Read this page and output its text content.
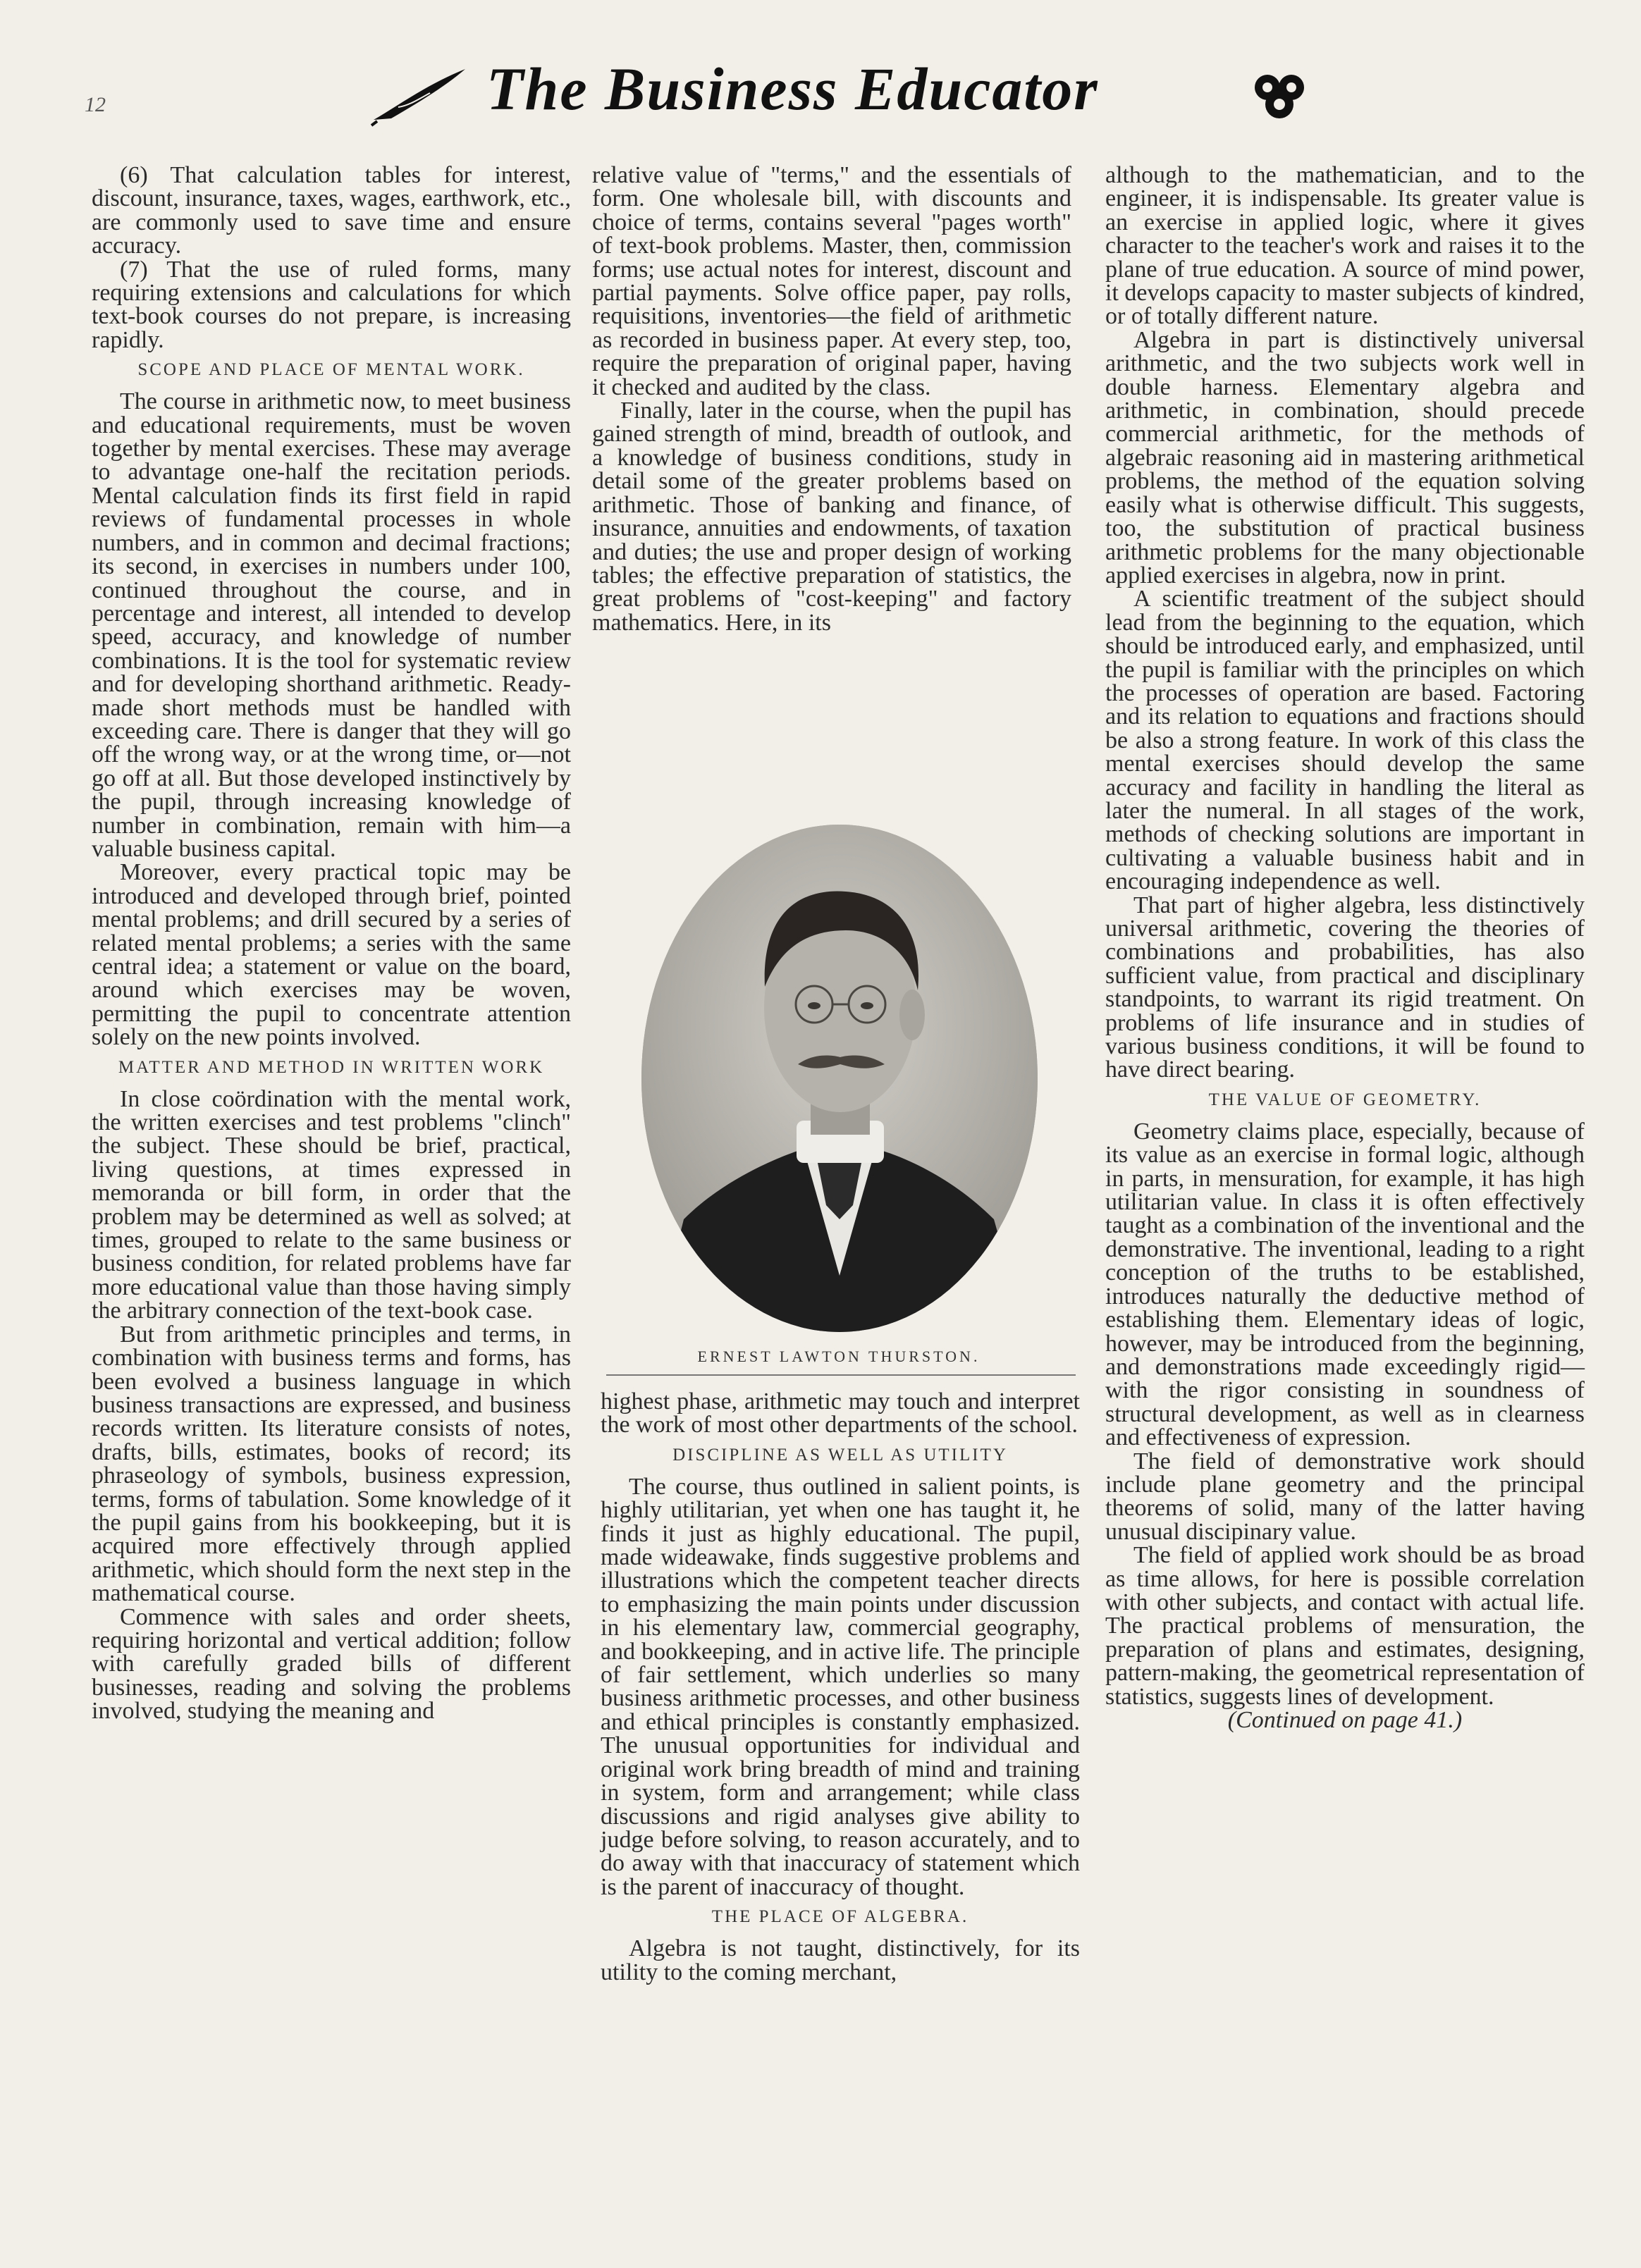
12	The Business Educator

(6) That calculation tables for interest, discount, insurance, taxes, wages, earthwork, etc., are commonly used to save time and ensure accuracy.

(7) That the use of ruled forms, many requiring extensions and calculations for which text-book courses do not prepare, is increasing rapidly.

SCOPE AND PLACE OF MENTAL WORK.

The course in arithmetic now, to meet business and educational requirements, must be woven together by mental exercises. These may average to advantage one-half the recitation periods. Mental calculation finds its first field in rapid reviews of fundamental processes in whole numbers, and in common and decimal fractions; its second, in exercises in numbers under 100, continued throughout the course, and in percentage and interest, all intended to develop speed, accuracy, and knowledge of number combinations. It is the tool for systematic review and for developing shorthand arithmetic. Ready-made short methods must be handled with exceeding care. There is danger that they will go off the wrong way, or at the wrong time, or—not go off at all. But those developed instinctively by the pupil, through increasing knowledge of number in combination, remain with him—a valuable business capital.

Moreover, every practical topic may be introduced and developed through brief, pointed mental problems; and drill secured by a series of related mental problems; a series with the same central idea; a statement or value on the board, around which exercises may be woven, permitting the pupil to concentrate attention solely on the new points involved.

MATTER AND METHOD IN WRITTEN WORK

In close coördination with the mental work, the written exercises and test problems "clinch" the subject. These should be brief, practical, living questions, at times expressed in memoranda or bill form, in order that the problem may be determined as well as solved; at times, grouped to relate to the same business or business condition, for related problems have far more educational value than those having simply the arbitrary connection of the text-book case.

But from arithmetic principles and terms, in combination with business terms and forms, has been evolved a business language in which business transactions are expressed, and business records written. Its literature consists of notes, drafts, bills, estimates, books of record; its phraseology of symbols, business expression, terms, forms of tabulation. Some knowledge of it the pupil gains from his bookkeeping, but it is acquired more effectively through applied arithmetic, which should form the next step in the mathematical course.

Commence with sales and order sheets, requiring horizontal and vertical addition; follow with carefully graded bills of different businesses, reading and solving the problems involved, studying the meaning and

relative value of "terms," and the essentials of form. One wholesale bill, with discounts and choice of terms, contains several "pages worth" of text-book problems. Master, then, commission forms; use actual notes for interest, discount and partial payments. Solve office paper, pay rolls, requisitions, inventories—the field of arithmetic as recorded in business paper. At every step, too, require the preparation of original paper, having it checked and audited by the class.

Finally, later in the course, when the pupil has gained strength of mind, breadth of outlook, and a knowledge of business conditions, study in detail some of the greater problems based on arithmetic. Those of banking and finance, of insurance, annuities and endowments, of taxation and duties; the use and proper design of working tables; the effective preparation of statistics, the great problems of "cost-keeping" and factory mathematics. Here, in its

ERNEST LAWTON THURSTON.

highest phase, arithmetic may touch and interpret the work of most other departments of the school.

DISCIPLINE AS WELL AS UTILITY

The course, thus outlined in salient points, is highly utilitarian, yet when one has taught it, he finds it just as highly educational. The pupil, made wideawake, finds suggestive problems and illustrations which the competent teacher directs to emphasizing the main points under discussion in his elementary law, commercial geography, and bookkeeping, and in active life. The principle of fair settlement, which underlies so many business arithmetic processes, and other business and ethical principles is constantly emphasized. The unusual opportunities for individual and original work bring breadth of mind and training in system, form and arrangement; while class discussions and rigid analyses give ability to judge before solving, to reason accurately, and to do away with that inaccuracy of statement which is the parent of inaccuracy of thought.

THE PLACE OF ALGEBRA.

Algebra is not taught, distinctively, for its utility to the coming merchant,

although to the mathematician, and to the engineer, it is indispensable. Its greater value is an exercise in applied logic, where it gives character to the teacher's work and raises it to the plane of true education. A source of mind power, it develops capacity to master subjects of kindred, or of totally different nature.

Algebra in part is distinctively universal arithmetic, and the two subjects work well in double harness. Elementary algebra and arithmetic, in combination, should precede commercial arithmetic, for the methods of algebraic reasoning aid in mastering arithmetical problems, the method of the equation solving easily what is otherwise difficult. This suggests, too, the substitution of practical business arithmetic problems for the many objectionable applied exercises in algebra, now in print.

A scientific treatment of the subject should lead from the beginning to the equation, which should be introduced early, and emphasized, until the pupil is familiar with the principles on which the processes of operation are based. Factoring and its relation to equations and fractions should be also a strong feature. In work of this class the mental exercises should develop the same accuracy and facility in handling the literal as later the numeral. In all stages of the work, methods of checking solutions are important in cultivating a valuable business habit and in encouraging independence as well.

That part of higher algebra, less distinctively universal arithmetic, covering the theories of combinations and probabilities, has also sufficient value, from practical and disciplinary standpoints, to warrant its rigid treatment. On problems of life insurance and in studies of various business conditions, it will be found to have direct bearing.

THE VALUE OF GEOMETRY.

Geometry claims place, especially, because of its value as an exercise in formal logic, although in parts, in mensuration, for example, it has high utilitarian value. In class it is often effectively taught as a combination of the inventional and the demonstrative. The inventional, leading to a right conception of the truths to be established, introduces naturally the deductive method of establishing them. Elementary ideas of logic, however, may be introduced from the beginning, and demonstrations made exceedingly rigid—with the rigor consisting in soundness of structural development, as well as in clearness and effectiveness of expression.

The field of demonstrative work should include plane geometry and the principal theorems of solid, many of the latter having unusual discipinary value.

The field of applied work should be as broad as time allows, for here is possible correlation with other subjects, and contact with actual life. The practical problems of mensuration, the preparation of plans and estimates, designing, pattern-making, the geometrical representation of statistics, suggests lines of development.

(Continued on page 41.)
